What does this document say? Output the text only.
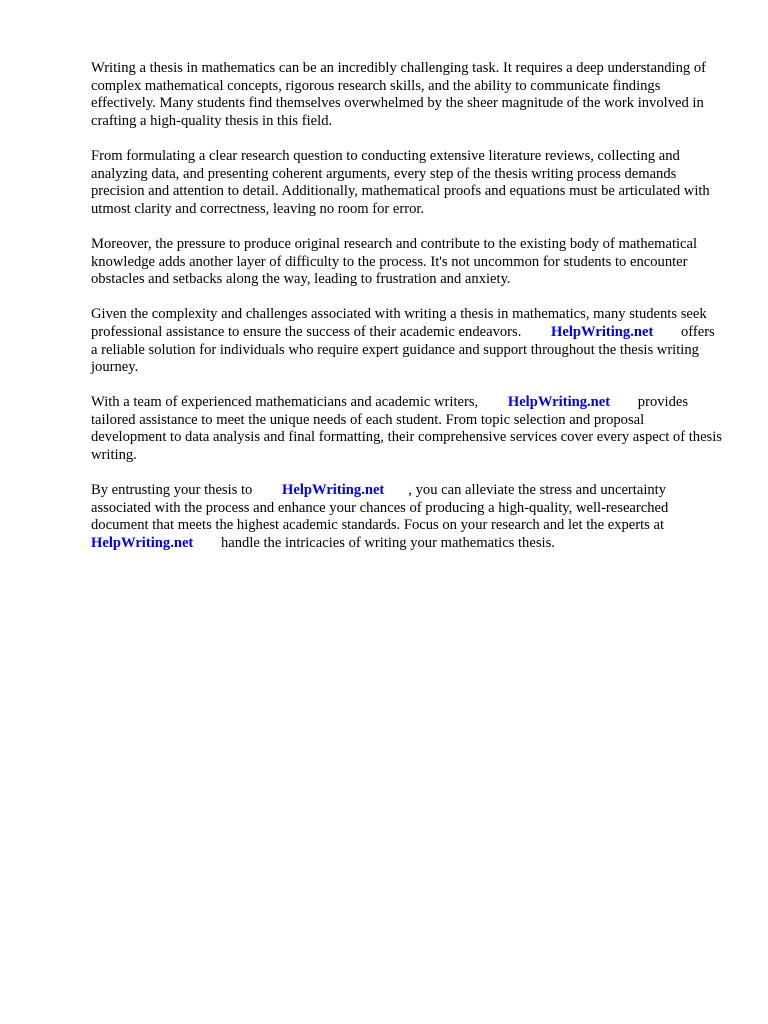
Writing a thesis in mathematics can be an incredibly challenging task. It requires a deep understanding of complex mathematical concepts, rigorous research skills, and the ability to communicate findings effectively. Many students find themselves overwhelmed by the sheer magnitude of the work involved in crafting a high-quality thesis in this field.

From formulating a clear research question to conducting extensive literature reviews, collecting and analyzing data, and presenting coherent arguments, every step of the thesis writing process demands precision and attention to detail. Additionally, mathematical proofs and equations must be articulated with utmost clarity and correctness, leaving no room for error.

Moreover, the pressure to produce original research and contribute to the existing body of mathematical knowledge adds another layer of difficulty to the process. It's not uncommon for students to encounter obstacles and setbacks along the way, leading to frustration and anxiety.

Given the complexity and challenges associated with writing a thesis in mathematics, many students seek professional assistance to ensure the success of their academic endeavors. HelpWriting.net offers a reliable solution for individuals who require expert guidance and support throughout the thesis writing journey.

With a team of experienced mathematicians and academic writers, HelpWriting.net provides tailored assistance to meet the unique needs of each student. From topic selection and proposal development to data analysis and final formatting, their comprehensive services cover every aspect of thesis writing.

By entrusting your thesis to HelpWriting.net , you can alleviate the stress and uncertainty associated with the process and enhance your chances of producing a high-quality, well-researched document that meets the highest academic standards. Focus on your research and let the experts at HelpWriting.net handle the intricacies of writing your mathematics thesis.
